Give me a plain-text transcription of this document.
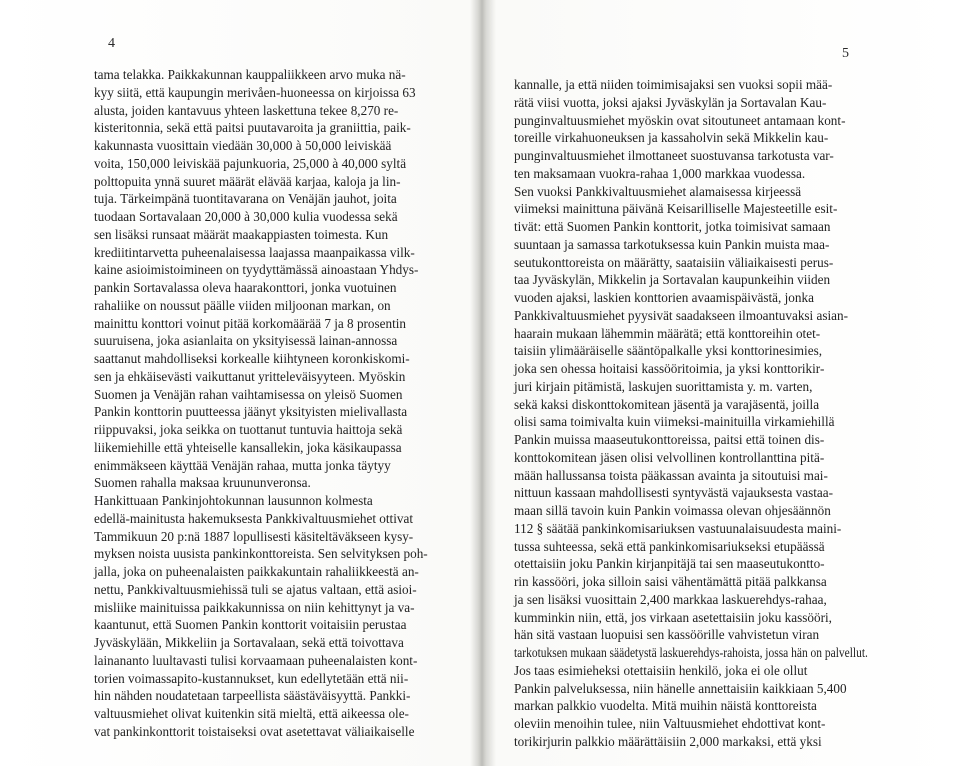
4
5
tama telakka. Paikkakunnan kauppaliikkeen arvo muka nä-
kyy siitä, että kaupungin merivåen-huoneessa on kirjoissa 63
alusta, joiden kantavuus yhteen laskettuna tekee 8,270 re-
kisteritonnia, sekä että paitsi puutavaroita ja graniittia, paik-
kakunnasta vuosittain viedään 30,000 à 50,000 leiviskää
voita, 150,000 leiviskää pajunkuoria, 25,000 à 40,000 syltä
polttopuita ynnä suuret määrät elävää karjaa, kaloja ja lin-
tuja. Tärkeimpänä tuontitavarana on Venäjän jauhot, joita
tuodaan Sortavalaan 20,000 à 30,000 kulia vuodessa sekä
sen lisäksi runsaat määrät maakappiasten toimesta. Kun
krediitintarvetta puheenalaisessa laajassa maanpaikassa vilk-
kaine asioimistoimineen on tyydyttämässä ainoastaan Yhdys-
pankin Sortavalassa oleva haarakonttori, jonka vuotuinen
rahaliike on noussut päälle viiden miljoonan markan, on
mainittu konttori voinut pitää korkomäärää 7 ja 8 prosentin
suuruisena, joka asianlaita on yksityisessä lainan-annossa
saattanut mahdolliseksi korkealle kiihtyneen koronkiskomi-
sen ja ehkäisevästi vaikuttanut yritteleväisyyteen. Myöskin
Suomen ja Venäjän rahan vaihtamisessa on yleisö Suomen
Pankin konttorin puutteessa jäänyt yksityisten mielivallasta
riippuvaksi, joka seikka on tuottanut tuntuvia haittoja sekä
liikemiehille että yhteiselle kansallekin, joka käsikaupassa
enimmäkseen käyttää Venäjän rahaa, mutta jonka täytyy
Suomen rahalla maksaa kruununveronsa.
Hankittuaan Pankinjohtokunnan lausunnon kolmesta
edellä-mainitusta hakemuksesta Pankkivaltuusmiehet ottivat
Tammikuun 20 p:nä 1887 lopullisesti käsiteltäväkseen kysy-
myksen noista uusista pankinkonttoreista. Sen selvityksen poh-
jalla, joka on puheenalaisten paikkakuntain rahaliikkeestä an-
nettu, Pankkivaltuusmiehissä tuli se ajatus valtaan, että asioi-
misliike mainituissa paikkakunnissa on niin kehittynyt ja va-
kaantunut, että Suomen Pankin konttorit voitaisiin perustaa
Jyväskylään, Mikkeliin ja Sortavalaan, sekä että toivottava
lainananto luultavasti tulisi korvaamaan puheenalaisten kont-
torien voimassapito-kustannukset, kun edellytetään että nii-
hin nähden noudatetaan tarpeellista säästäväisyyttä. Pankki-
valtuusmiehet olivat kuitenkin sitä mieltä, että aikeessa ole-
vat pankinkonttorit toistaiseksi ovat asetettavat väliaikaiselle
kannalle, ja että niiden toimimisajaksi sen vuoksi sopii mää-
rätä viisi vuotta, joksi ajaksi Jyväskylän ja Sortavalan Kau-
punginvaltuusmiehet myöskin ovat sitoutuneet antamaan kont-
toreille virkahuoneuksen ja kassaholvin sekä Mikkelin kau-
punginvaltuusmiehet ilmottaneet suostuvansa tarkotusta var-
ten maksamaan vuokra-rahaa 1,000 markkaa vuodessa.
Sen vuoksi Pankkivaltuusmiehet alamaisessa kirjeessä
viimeksi mainittuna päivänä Keisarilliselle Majesteetille esit-
tivät: että Suomen Pankin konttorit, jotka toimisivat samaan
suuntaan ja samassa tarkotuksessa kuin Pankin muista maa-
seutukonttoreista on määrätty, saataisiin väliaikaisesti perus-
taa Jyväskylän, Mikkelin ja Sortavalan kaupunkeihin viiden
vuoden ajaksi, laskien konttorien avaamispäivästä, jonka
Pankkivaltuusmiehet pyysivät saadakseen ilmoantuvaksi asian-
haarain mukaan lähemmin määrätä; että konttoreihin otet-
taisiin ylimääräiselle sääntöpalkalle yksi konttorinesimies,
joka sen ohessa hoitaisi kassööritoimia, ja yksi konttorikir-
juri kirjain pitämistä, laskujen suorittamista y. m. varten,
sekä kaksi diskonttokomitean jäsentä ja varajäsentä, joilla
olisi sama toimivalta kuin viimeksi-mainituilla virkamiehillä
Pankin muissa maaseutukonttoreissa, paitsi että toinen dis-
konttokomitean jäsen olisi velvollinen kontrollanttina pitä-
mään hallussansa toista pääkassan avainta ja sitoutuisi mai-
nittuun kassaan mahdollisesti syntyvästä vajauksesta vastaa-
maan sillä tavoin kuin Pankin voimassa olevan ohjesäännön
112 § säätää pankinkomisariuksen vastuunalaisuudesta maini-
tussa suhteessa, sekä että pankinkomisariukseksi etupäässä
otettaisiin joku Pankin kirjanpitäjä tai sen maaseutukontto-
rin kassööri, joka silloin saisi vähentämättä pitää palkkansa
ja sen lisäksi vuosittain 2,400 markkaa laskuerehdys-rahaa,
kumminkin niin, että, jos virkaan asetettaisiin joku kassööri,
hän sitä vastaan luopuisi sen kassöörille vahvistetun viran
tarkotuksen mukaan säädetystä laskuerehdys-rahoista, jossa hän on palvellut.
Jos taas esimieheksi otettaisiin henkilö, joka ei ole ollut
Pankin palveluksessa, niin hänelle annettaisiin kaikkiaan 5,400
markan palkkio vuodelta. Mitä muihin näistä konttoreista
oleviin menoihin tulee, niin Valtuusmiehet ehdottivat kont-
torikirjurin palkkio määrättäisiin 2,000 markaksi, että yksi
